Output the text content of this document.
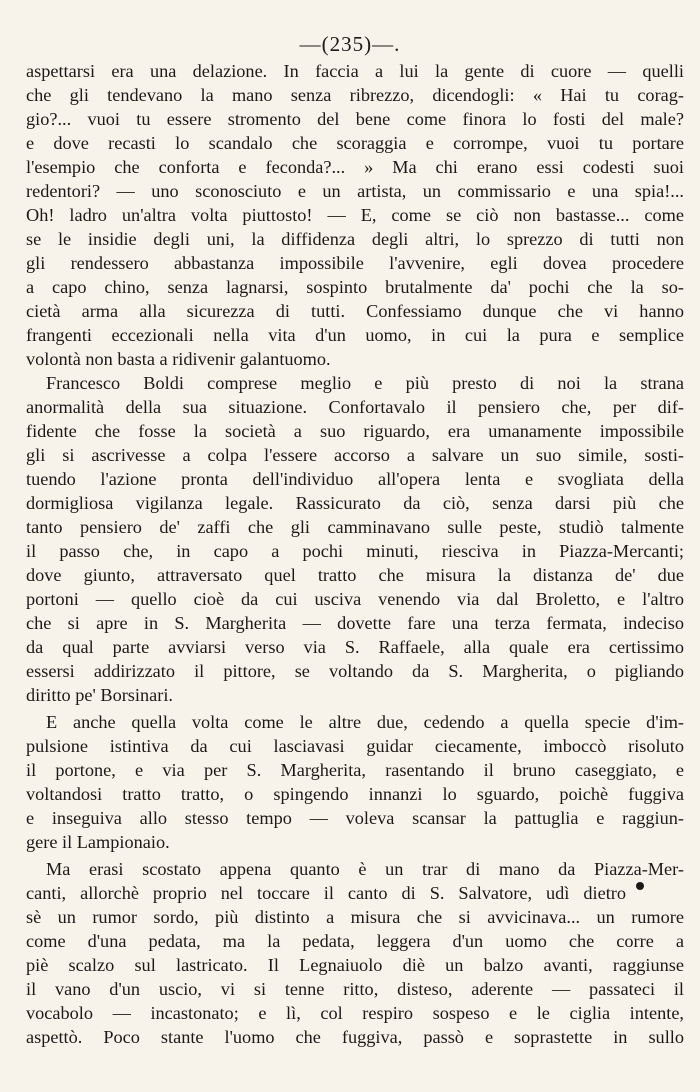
—(235)—.
aspettarsi era una delazione. In faccia a lui la gente di cuore — quelli
che gli tendevano la mano senza ribrezzo, dicendogli: « Hai tu corag-
gio?... vuoi tu essere stromento del bene come finora lo fosti del male?
e dove recasti lo scandalo che scoraggia e corrompe, vuoi tu portare
l'esempio che conforta e feconda?... » Ma chi erano essi codesti suoi
redentori? — uno sconosciuto e un artista, un commissario e una spia!...
Oh! ladro un'altra volta piuttosto! — E, come se ciò non bastasse... come
se le insidie degli uni, la diffidenza degli altri, lo sprezzo di tutti non
gli rendessero abbastanza impossibile l'avvenire, egli dovea procedere
a capo chino, senza lagnarsi, sospinto brutalmente da' pochi che la so-
cietà arma alla sicurezza di tutti. Confessiamo dunque che vi hanno
frangenti eccezionali nella vita d'un uomo, in cui la pura e semplice
volontà non basta a ridivenir galantuomo.
Francesco Boldi comprese meglio e più presto di noi la strana
anormalità della sua situazione. Confortavalo il pensiero che, per dif-
fidente che fosse la società a suo riguardo, era umanamente impossibile
gli si ascrivesse a colpa l'essere accorso a salvare un suo simile, sosti-
tuendo l'azione pronta dell'individuo all'opera lenta e svogliata della
dormigliosa vigilanza legale. Rassicurato da ciò, senza darsi più che
tanto pensiero de' zaffi che gli camminavano sulle peste, studiò talmente
il passo che, in capo a pochi minuti, riesciva in Piazza-Mercanti;
dove giunto, attraversato quel tratto che misura la distanza de' due
portoni — quello cioè da cui usciva venendo via dal Broletto, e l'altro
che si apre in S. Margherita — dovette fare una terza fermata, indeciso
da qual parte avviarsi verso via S. Raffaele, alla quale era certissimo
essersi addirizzato il pittore, se voltando da S. Margherita, o pigliando
diritto pe' Borsinari.
E anche quella volta come le altre due, cedendo a quella specie d'im-
pulsione istintiva da cui lasciavasi guidar ciecamente, imboccò risoluto
il portone, e via per S. Margherita, rasentando il bruno caseggiato, e
voltandosi tratto tratto, o spingendo innanzi lo sguardo, poichè fuggiva
e inseguiva allo stesso tempo — voleva scansar la pattuglia e raggiun-
gere il Lampionaio.
Ma erasi scostato appena quanto è un trar di mano da Piazza-Mer-
canti, allorchè proprio nel toccare il canto di S. Salvatore, udì dietro
sè un rumor sordo, più distinto a misura che si avvicinava... un rumore
come d'una pedata, ma la pedata, leggera d'un uomo che corre a
piè scalzo sul lastricato. Il Legnaiuolo diè un balzo avanti, raggiunse
il vano d'un uscio, vi si tenne ritto, disteso, aderente — passateci il
vocabolo — incastonato; e lì, col respiro sospeso e le ciglia intente,
aspettò. Poco stante l'uomo che fuggiva, passò e soprastette in sullo
